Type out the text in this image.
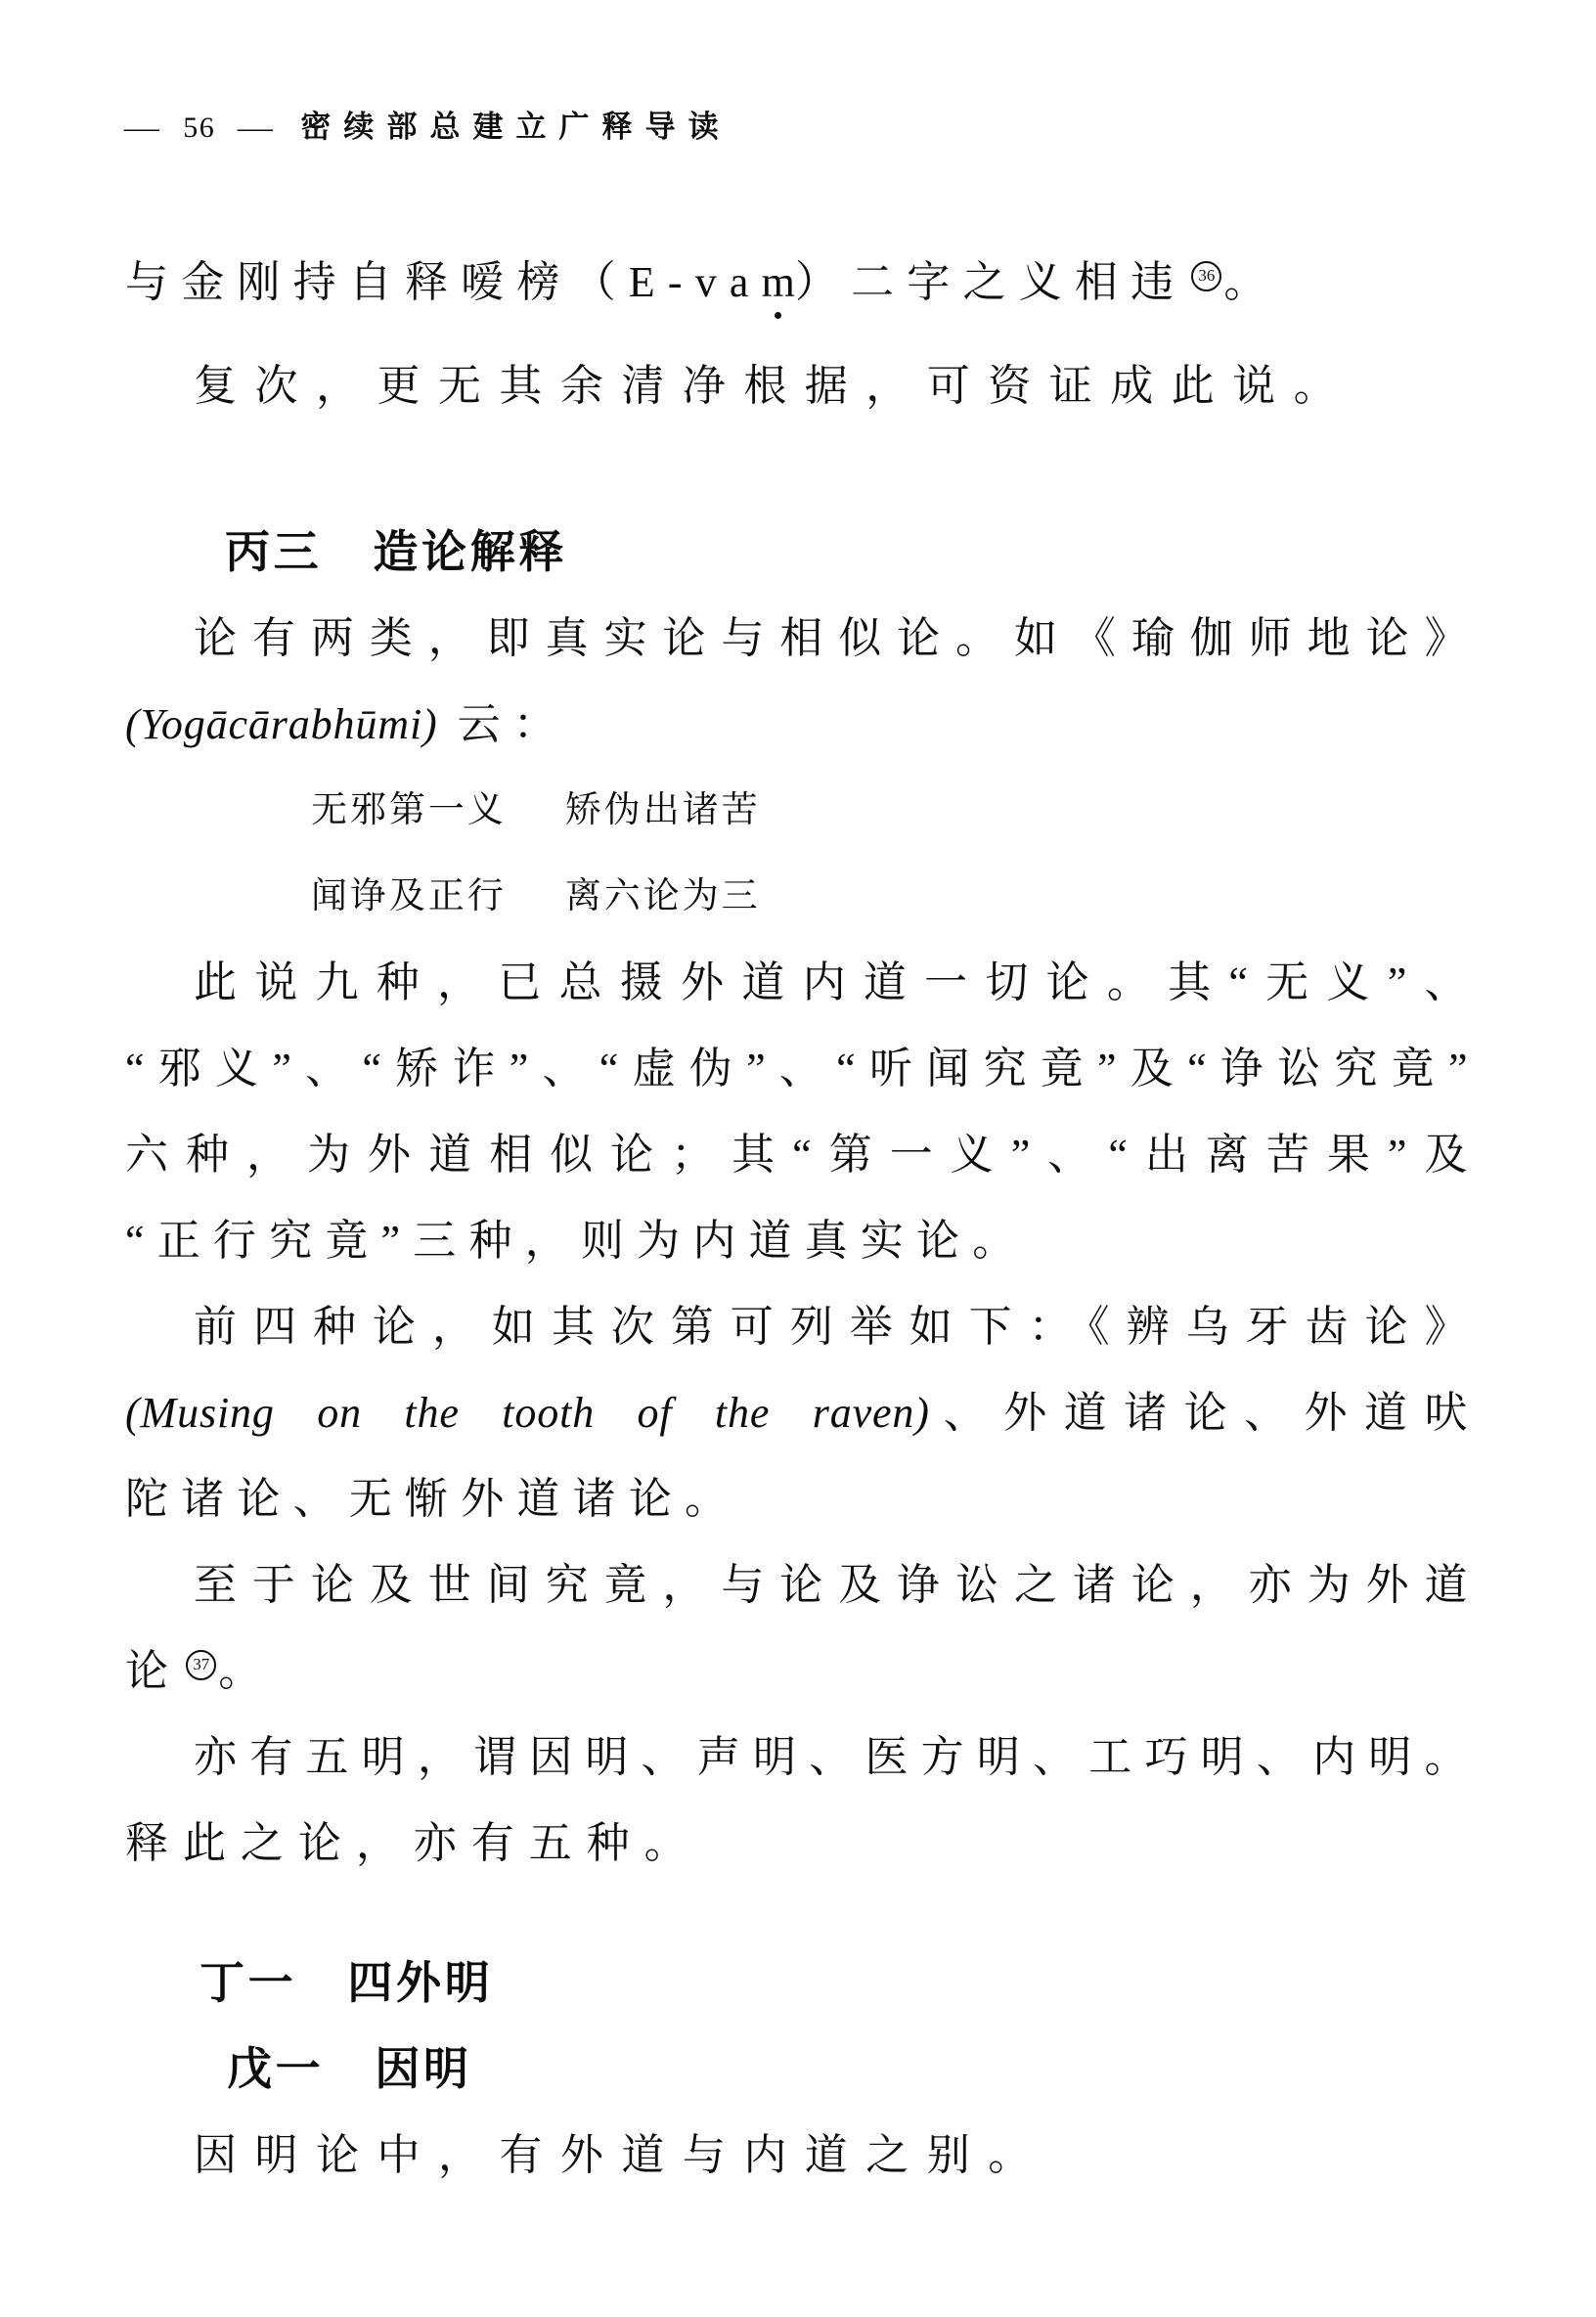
— 56 — 密续部总建立广释导读
与金刚持自释嗳榜（E-vam）二字之义相违 36 。
复次，更无其余清净根据，可资证成此说。
丙三 造论解释
论有两类，即真实论与相似论。如《瑜伽师地论》
(Yogācārabhūmi) 云：
无邪第一义 矫伪出诸苦
闻诤及正行 离六论为三
此说九种，已总摄外道内道一切论。其“无义”、
“邪义”、“矫诈”、“虚伪”、“听闻究竟”及“诤讼究竟”
六种，为外道相似论；其“第一义”、“出离苦果”及
“正行究竟”三种，则为内道真实论。
前四种论，如其次第可列举如下：《辨乌牙齿论》
(Musing on the tooth of the raven)、外道诸论、外道吠
陀诸论、无惭外道诸论。
至于论及世间究竟，与论及诤讼之诸论，亦为外道
论 37 。
亦有五明，谓因明、声明、医方明、工巧明、内明。
释此之论，亦有五种。
丁一 四外明
戊一 因明
因明论中，有外道与内道之别。
